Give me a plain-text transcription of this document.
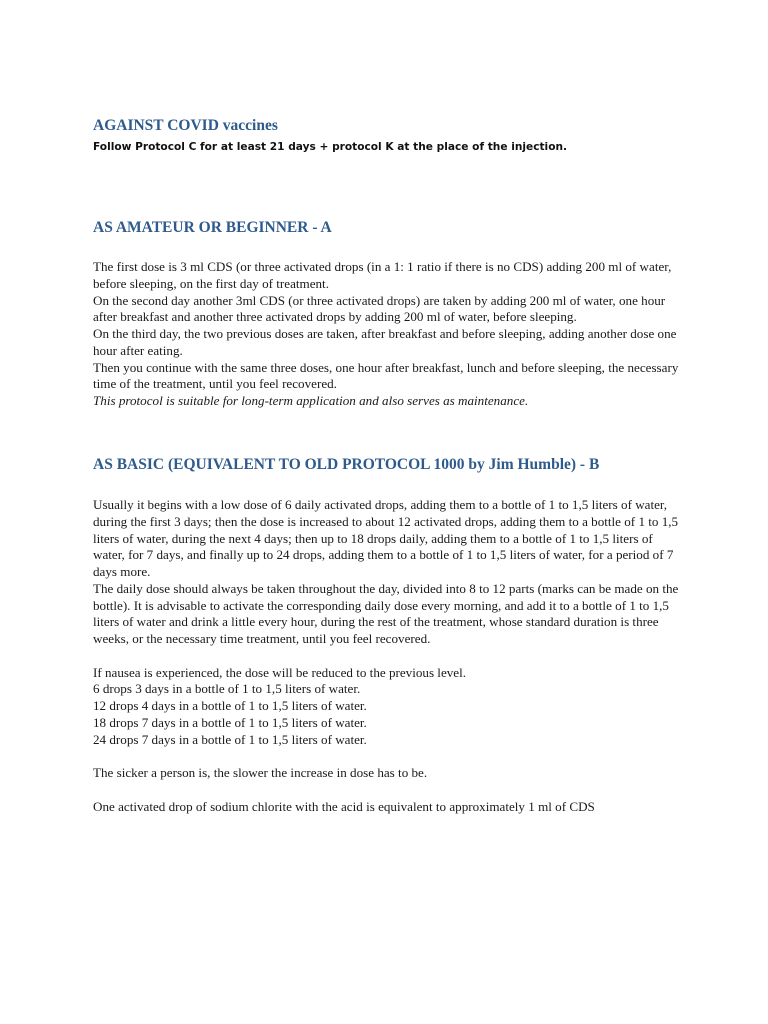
AGAINST COVID vaccines

Follow Protocol C for at least 21 days + protocol K at the place of the injection.

AS AMATEUR OR BEGINNER - A

The first dose is 3 ml CDS (or three activated drops (in a 1: 1 ratio if there is no CDS) adding 200 ml of water, before sleeping, on the first day of treatment.

On the second day another 3ml CDS (or three activated drops) are taken by adding 200 ml of water, one hour after breakfast and another three activated drops by adding 200 ml of water, before sleeping.

On the third day, the two previous doses are taken, after breakfast and before sleeping, adding another dose one hour after eating.

Then you continue with the same three doses, one hour after breakfast, lunch and before sleeping, the necessary time of the treatment, until you feel recovered.

This protocol is suitable for long-term application and also serves as maintenance.

AS BASIC (EQUIVALENT TO OLD PROTOCOL 1000 by Jim Humble) - B

Usually it begins with a low dose of 6 daily activated drops, adding them to a bottle of 1 to 1,5 liters of water, during the first 3 days; then the dose is increased to about 12 activated drops, adding them to a bottle of 1 to 1,5 liters of water, during the next 4 days; then up to 18 drops daily, adding them to a bottle of 1 to 1,5 liters of water, for 7 days, and finally up to 24 drops, adding them to a bottle of 1 to 1,5 liters of water, for a period of 7 days more.

The daily dose should always be taken throughout the day, divided into 8 to 12 parts (marks can be made on the bottle). It is advisable to activate the corresponding daily dose every morning, and add it to a bottle of 1 to 1,5 liters of water and drink a little every hour, during the rest of the treatment, whose standard duration is three weeks, or the necessary time treatment, until you feel recovered.

If nausea is experienced, the dose will be reduced to the previous level.

6 drops 3 days in a bottle of 1 to 1,5 liters of water.

12 drops 4 days in a bottle of 1 to 1,5 liters of water.

18 drops 7 days in a bottle of 1 to 1,5 liters of water.

24 drops 7 days in a bottle of 1 to 1,5 liters of water.

The sicker a person is, the slower the increase in dose has to be.

One activated drop of sodium chlorite with the acid is equivalent to approximately 1 ml of CDS
